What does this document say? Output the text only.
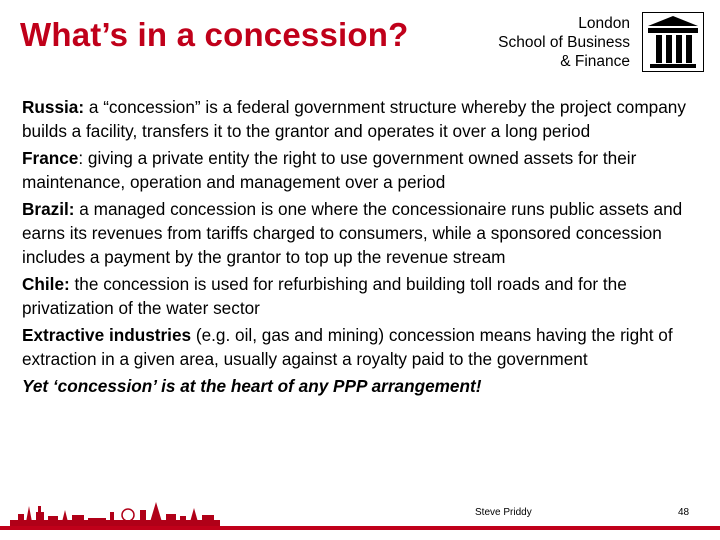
What’s in a concession?	London
School of Business
& Finance

Russia: a “concession” is a federal government structure whereby the project company builds a facility, transfers it to the grantor and operates it over a long period

France: giving a private entity the right to use government owned assets for their maintenance, operation and management over a period

Brazil: a managed concession is one where the concessionaire runs public assets and earns its revenues from tariffs charged to consumers, while a sponsored concession includes a payment by the grantor to top up the revenue stream

Chile: the concession is used for refurbishing and building toll roads and for the privatization of the water sector

Extractive industries (e.g. oil, gas and mining) concession means having the right of extraction in a given area, usually against a royalty paid to the government

Yet ‘concession’ is at the heart of any PPP arrangement!

Steve Priddy	48
